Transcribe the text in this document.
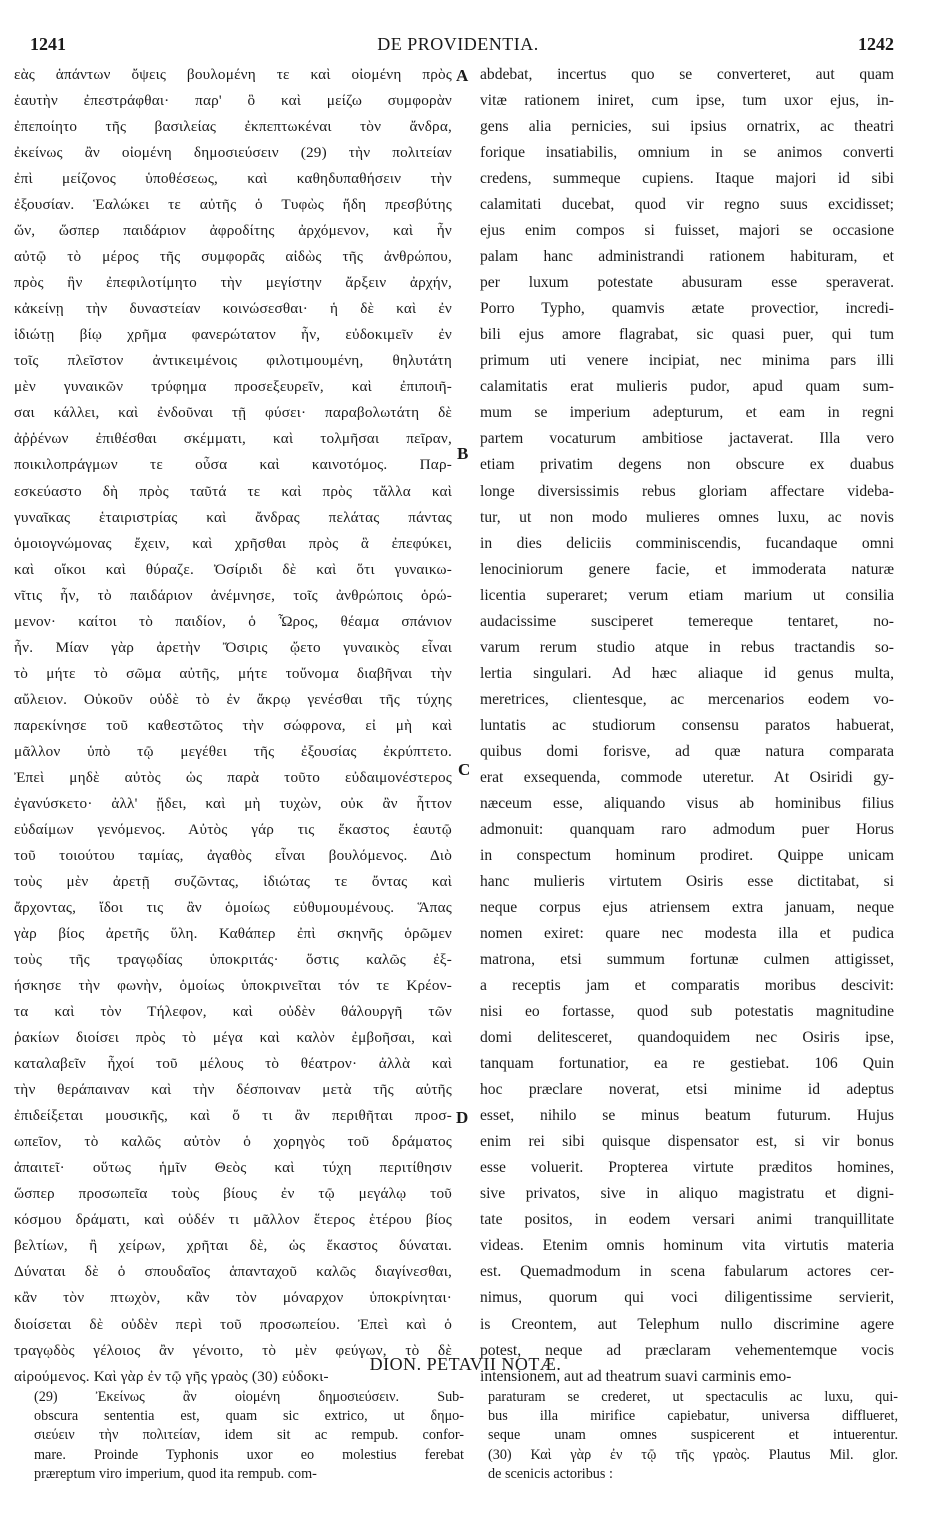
1241	DE PROVIDENTIA.	1242
εὰς ἁπάντων ὄψεις βουλομένη τε καὶ οἰομένη πρὸς
ἑαυτὴν ἐπεστράφθαι· παρ' ὃ καὶ μείζω συμφορὰν
ἐπεποίητο τῆς βασιλείας ἐκπεπτωκέναι τὸν ἄνδρα,
ἐκείνως ἂν οἰομένη δημοσιεύσειν (29) τὴν πολιτείαν
ἐπὶ μείζονος ὑποθέσεως, καὶ καθηδυπαθήσειν τὴν
ἐξουσίαν. Ἑαλώκει τε αὐτῆς ὁ Τυφὼς ἤδη πρεσβύτης
ὤν, ὥσπερ παιδάριον ἀφροδίτης ἀρχόμενον, καὶ ἦν
αὐτῷ τὸ μέρος τῆς συμφορᾶς αἰδὼς τῆς ἀνθρώπου,
πρὸς ἣν ἐπεφιλοτίμητο τὴν μεγίστην ἄρξειν ἀρχήν,
κἀκείνῃ τὴν δυναστείαν κοινώσεσθαι· ἡ δὲ καὶ ἐν
ἰδιώτῃ βίῳ χρῆμα φανερώτατον ἦν, εὐδοκιμεῖν ἐν
τοῖς πλεῖστον ἀντικειμένοις φιλοτιμουμένη, θηλυτάτη
μὲν γυναικῶν τρύφημα προσεξευρεῖν, καὶ ἐπιποιῆ-
σαι κάλλει, καὶ ἐνδοῦναι τῇ φύσει· παραβολωτάτη δὲ
ἀῤῥένων ἐπιθέσθαι σκέμματι, καὶ τολμῆσαι πεῖραν,
ποικιλοπράγμων τε οὖσα καὶ καινοτόμος. Παρ-
εσκεύαστο δὴ πρὸς ταῦτά τε καὶ πρὸς τἄλλα καὶ
γυναῖκας ἑταιριστρίας καὶ ἄνδρας πελάτας πάντας
ὁμοιογνώμονας ἔχειν, καὶ χρῆσθαι πρὸς ἃ ἐπεφύκει,
καὶ οἴκοι καὶ θύραζε. Ὀσίριδι δὲ καὶ ὅτι γυναικω-
νῖτις ἦν, τὸ παιδάριον ἀνέμνησε, τοῖς ἀνθρώποις ὁρώ-
μενον· καίτοι τὸ παιδίον, ὁ Ὧρος, θέαμα σπάνιον
ἦν. Μίαν γὰρ ἀρετὴν Ὄσιρις ᾤετο γυναικὸς εἶναι
τὸ μήτε τὸ σῶμα αὐτῆς, μήτε τοὔνομα διαβῆναι τὴν
αὔλειον. Οὐκοῦν οὐδὲ τὸ ἐν ἄκρῳ γενέσθαι τῆς τύχης
παρεκίνησε τοῦ καθεστῶτος τὴν σώφρονα, εἰ μὴ καὶ
μᾶλλον ὑπὸ τῷ μεγέθει τῆς ἐξουσίας ἐκρύπτετο.
Ἐπεὶ μηδὲ αὐτὸς ὡς παρὰ τοῦτο εὐδαιμονέστερος
ἐγανύσκετο· ἀλλ' ᾔδει, καὶ μὴ τυχὼν, οὐκ ἂν ἧττον
εὐδαίμων γενόμενος. Αὐτὸς γάρ τις ἕκαστος ἑαυτῷ
τοῦ τοιούτου ταμίας, ἀγαθὸς εἶναι βουλόμενος. Διὸ
τοὺς μὲν ἀρετῇ συζῶντας, ἰδιώτας τε ὄντας καὶ
ἄρχοντας, ἴδοι τις ἂν ὁμοίως εὐθυμουμένους. Ἅπας
γὰρ βίος ἀρετῆς ὕλη. Καθάπερ ἐπὶ σκηνῆς ὁρῶμεν
τοὺς τῆς τραγῳδίας ὑποκριτάς· ὅστις καλῶς ἐξ-
ήσκησε τὴν φωνὴν, ὁμοίως ὑποκρινεῖται τόν τε Κρέον-
τα καὶ τὸν Τήλεφον, καὶ οὐδὲν θάλουργῆ τῶν
ῥακίων διοίσει πρὸς τὸ μέγα καὶ καλὸν ἐμβοῆσαι, καὶ
καταλαβεῖν ἦχοί τοῦ μέλους τὸ θέατρον· ἀλλὰ καὶ
τὴν θεράπαιναν καὶ τὴν δέσποιναν μετὰ τῆς αὐτῆς
ἐπιδείξεται μουσικῆς, καὶ ὅ τι ἂν περιθῆται προσ-
ωπεῖον, τὸ καλῶς αὐτὸν ὁ χορηγὸς τοῦ δράματος
ἀπαιτεῖ· οὕτως ἡμῖν Θεὸς καὶ τύχη περιτίθησιν
ὥσπερ προσωπεῖα τοὺς βίους ἐν τῷ μεγάλῳ τοῦ
κόσμου δράματι, καὶ οὐδέν τι μᾶλλον ἕτερος ἑτέρου βίος
βελτίων, ἢ χείρων, χρῆται δὲ, ὡς ἕκαστος δύναται.
Δύναται δὲ ὁ σπουδαῖος ἁπανταχοῦ καλῶς διαγίνεσθαι,
κἂν τὸν πτωχὸν, κἂν τὸν μόναρχον ὑποκρίνηται·
διοίσεται δὲ οὐδὲν περὶ τοῦ προσωπείου. Ἐπεὶ καὶ ὁ
τραγῳδὸς γέλοιος ἂν γένοιτο, τὸ μὲν φεύγων, τὸ δὲ
αἱρούμενος. Καὶ γὰρ ἐν τῷ γῆς γραὸς (30) εὐδοκι-
abdebat, incertus quo se converteret, aut quam
vitæ rationem iniret, cum ipse, tum uxor ejus, in-
gens alia pernicies, sui ipsius ornatrix, ac theatri
forique insatiabilis, omnium in se animos converti
credens, summeque cupiens. Itaque majori id sibi
calamitati ducebat, quod vir regno suus excidisset;
ejus enim compos si fuisset, majori se occasione
palam hanc administrandi rationem habituram, et
per luxum potestate abusuram esse speraverat.
Porro Typho, quamvis ætate provectior, incredi-
bili ejus amore flagrabat, sic quasi puer, qui tum
primum uti venere incipiat, nec minima pars illi
calamitatis erat mulieris pudor, apud quam sum-
mum se imperium adepturum, et eam in regni
partem vocaturum ambitiose jactaverat. Illa vero
etiam privatim degens non obscure ex duabus
longe diversissimis rebus gloriam affectare videba-
tur, ut non modo mulieres omnes luxu, ac novis
in dies deliciis comminiscendis, fucandaque omni
lenociniorum genere facie, et immoderata naturæ
licentia superaret; verum etiam marium ut consilia
audacissime susciperet temereque tentaret, no-
varum rerum studio atque in rebus tractandis so-
lertia singulari. Ad hæc aliaque id genus multa,
meretrices, clientesque, ac mercenarios eodem vo-
luntatis ac studiorum consensu paratos habuerat,
quibus domi forisve, ad quæ natura comparata
erat exsequenda, commode uteretur. At Osiridi gy-
næceum esse, aliquando visus ab hominibus filius
admonuit: quanquam raro admodum puer Horus
in conspectum hominum prodiret. Quippe unicam
hanc mulieris virtutem Osiris esse dictitabat, si
neque corpus ejus atriensem extra januam, neque
nomen exiret: quare nec modesta illa et pudica
matrona, etsi summum fortunæ culmen attigisset,
a receptis jam et comparatis moribus descivit:
nisi eo fortasse, quod sub potestatis magnitudine
domi delitesceret, quandoquidem nec Osiris ipse,
tanquam fortunatior, ea re gestiebat. 106 Quin
hoc præclare noverat, etsi minime id adeptus
esset, nihilo se minus beatum futurum. Hujus
enim rei sibi quisque dispensator est, si vir bonus
esse voluerit. Propterea virtute præditos homines,
sive privatos, sive in aliquo magistratu et digni-
tate positos, in eodem versari animi tranquillitate
videas. Etenim omnis hominum vita virtutis materia
est. Quemadmodum in scena fabularum actores cer-
nimus, quorum qui voci diligentissime servierit,
is Creontem, aut Telephum nullo discrimine agere
potest, neque ad præclaram vehementemque vocis
intensionem, aut ad theatrum suavi carminis emo-
A
B
C
D
DION. PETAVII NOTÆ.
(29) Ἐκείνως ἂν οἰομένη δημοσιεύσειν. Sub-
obscura sententia est, quam sic extrico, ut δημο-
σιεύειν τὴν πολιτείαν, idem sit ac rempub. confor-
mare. Proinde Typhonis uxor eo molestius ferebat
præreptum viro imperium, quod ita rempub. com-
paraturam se crederet, ut spectaculis ac luxu, qui-
bus illa mirifice capiebatur, universa difflueret,
seque unam omnes suspicerent et intuerentur.
(30) Καὶ γὰρ ἐν τῷ τῆς γραὸς. Plautus Mil. glor.
de scenicis actoribus :
